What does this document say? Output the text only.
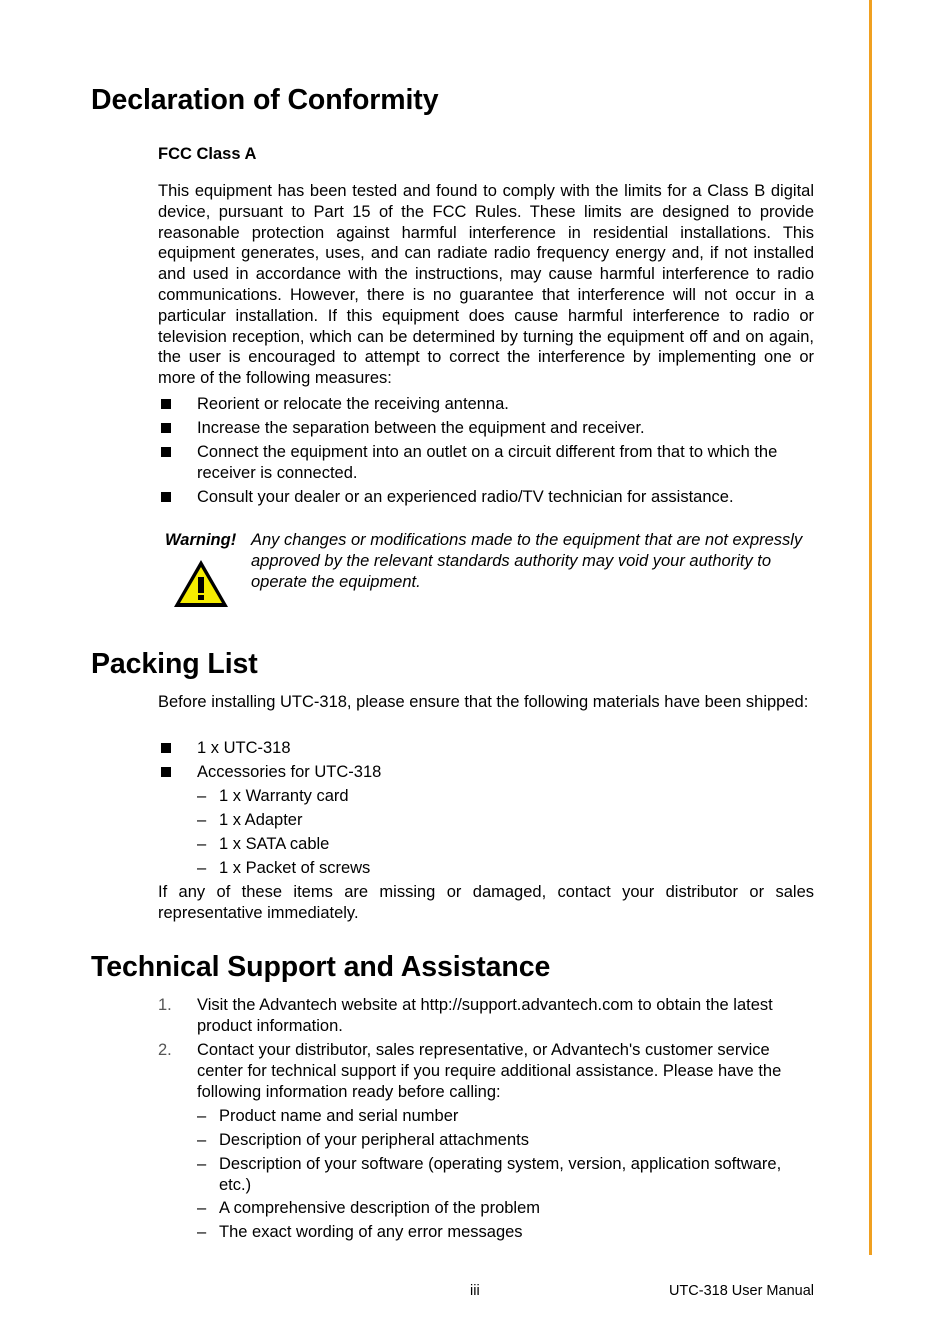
Declaration of Conformity
FCC Class A
This equipment has been tested and found to comply with the limits for a Class B digital device, pursuant to Part 15 of the FCC Rules. These limits are designed to provide reasonable protection against harmful interference in residential installations. This equipment generates, uses, and can radiate radio frequency energy and, if not installed and used in accordance with the instructions, may cause harmful interference to radio communications. However, there is no guarantee that interference will not occur in a particular installation. If this equipment does cause harmful interference to radio or television reception, which can be determined by turning the equipment off and on again, the user is encouraged to attempt to correct the interference by implementing one or more of the following measures:
Reorient or relocate the receiving antenna.
Increase the separation between the equipment and receiver.
Connect the equipment into an outlet on a circuit different from that to which the receiver is connected.
Consult your dealer or an experienced radio/TV technician for assistance.
Warning! Any changes or modifications made to the equipment that are not expressly approved by the relevant standards authority may void your authority to operate the equipment.
Packing List
Before installing UTC-318, please ensure that the following materials have been shipped:
1 x UTC-318
Accessories for UTC-318
– 1 x Warranty card
– 1 x Adapter
– 1 x SATA cable
– 1 x Packet of screws
If any of these items are missing or damaged, contact your distributor or sales representative immediately.
Technical Support and Assistance
1. Visit the Advantech website at http://support.advantech.com to obtain the latest product information.
2. Contact your distributor, sales representative, or Advantech's customer service center for technical support if you require additional assistance. Please have the following information ready before calling:
– Product name and serial number
– Description of your peripheral attachments
– Description of your software (operating system, version, application software, etc.)
– A comprehensive description of the problem
– The exact wording of any error messages
iii	UTC-318 User Manual
